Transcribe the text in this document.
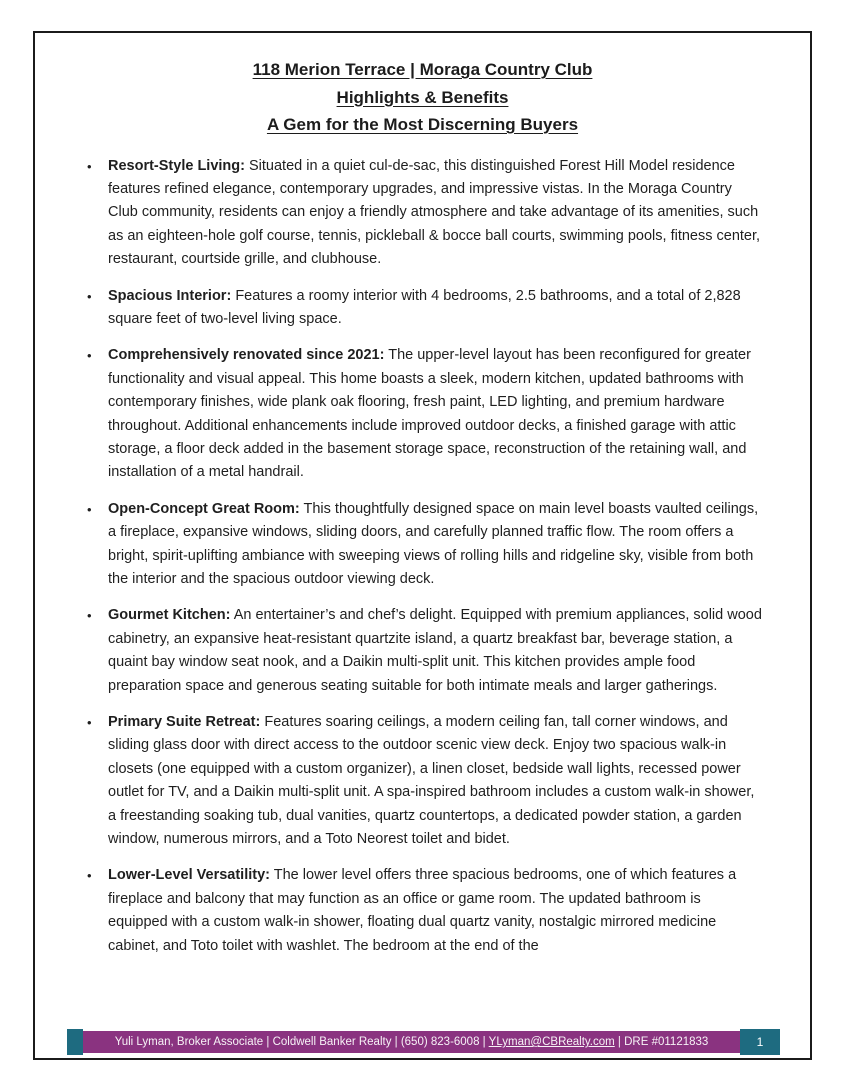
118 Merion Terrace | Moraga Country Club
Highlights & Benefits
A Gem for the Most Discerning Buyers
• Resort-Style Living: Situated in a quiet cul-de-sac, this distinguished Forest Hill Model residence features refined elegance, contemporary upgrades, and impressive vistas. In the Moraga Country Club community, residents can enjoy a friendly atmosphere and take advantage of its amenities, such as an eighteen-hole golf course, tennis, pickleball & bocce ball courts, swimming pools, fitness center, restaurant, courtside grille, and clubhouse.
• Spacious Interior: Features a roomy interior with 4 bedrooms, 2.5 bathrooms, and a total of 2,828 square feet of two-level living space.
• Comprehensively renovated since 2021: The upper-level layout has been reconfigured for greater functionality and visual appeal. This home boasts a sleek, modern kitchen, updated bathrooms with contemporary finishes, wide plank oak flooring, fresh paint, LED lighting, and premium hardware throughout. Additional enhancements include improved outdoor decks, a finished garage with attic storage, a floor deck added in the basement storage space, reconstruction of the retaining wall, and installation of a metal handrail.
• Open-Concept Great Room: This thoughtfully designed space on main level boasts vaulted ceilings, a fireplace, expansive windows, sliding doors, and carefully planned traffic flow. The room offers a bright, spirit-uplifting ambiance with sweeping views of rolling hills and ridgeline sky, visible from both the interior and the spacious outdoor viewing deck.
• Gourmet Kitchen: An entertainer’s and chef’s delight. Equipped with premium appliances, solid wood cabinetry, an expansive heat-resistant quartzite island, a quartz breakfast bar, beverage station, a quaint bay window seat nook, and a Daikin multi-split unit. This kitchen provides ample food preparation space and generous seating suitable for both intimate meals and larger gatherings.
• Primary Suite Retreat: Features soaring ceilings, a modern ceiling fan, tall corner windows, and sliding glass door with direct access to the outdoor scenic view deck. Enjoy two spacious walk-in closets (one equipped with a custom organizer), a linen closet, bedside wall lights, recessed power outlet for TV, and a Daikin multi-split unit. A spa-inspired bathroom includes a custom walk-in shower, a freestanding soaking tub, dual vanities, quartz countertops, a dedicated powder station, a garden window, numerous mirrors, and a Toto Neorest toilet and bidet.
• Lower-Level Versatility: The lower level offers three spacious bedrooms, one of which features a fireplace and balcony that may function as an office or game room. The updated bathroom is equipped with a custom walk-in shower, floating dual quartz vanity, nostalgic mirrored medicine cabinet, and Toto toilet with washlet. The bedroom at the end of the
Yuli Lyman, Broker Associate | Coldwell Banker Realty | (650) 823-6008 | YLyman@CBRealty.com | DRE #01121833	1
